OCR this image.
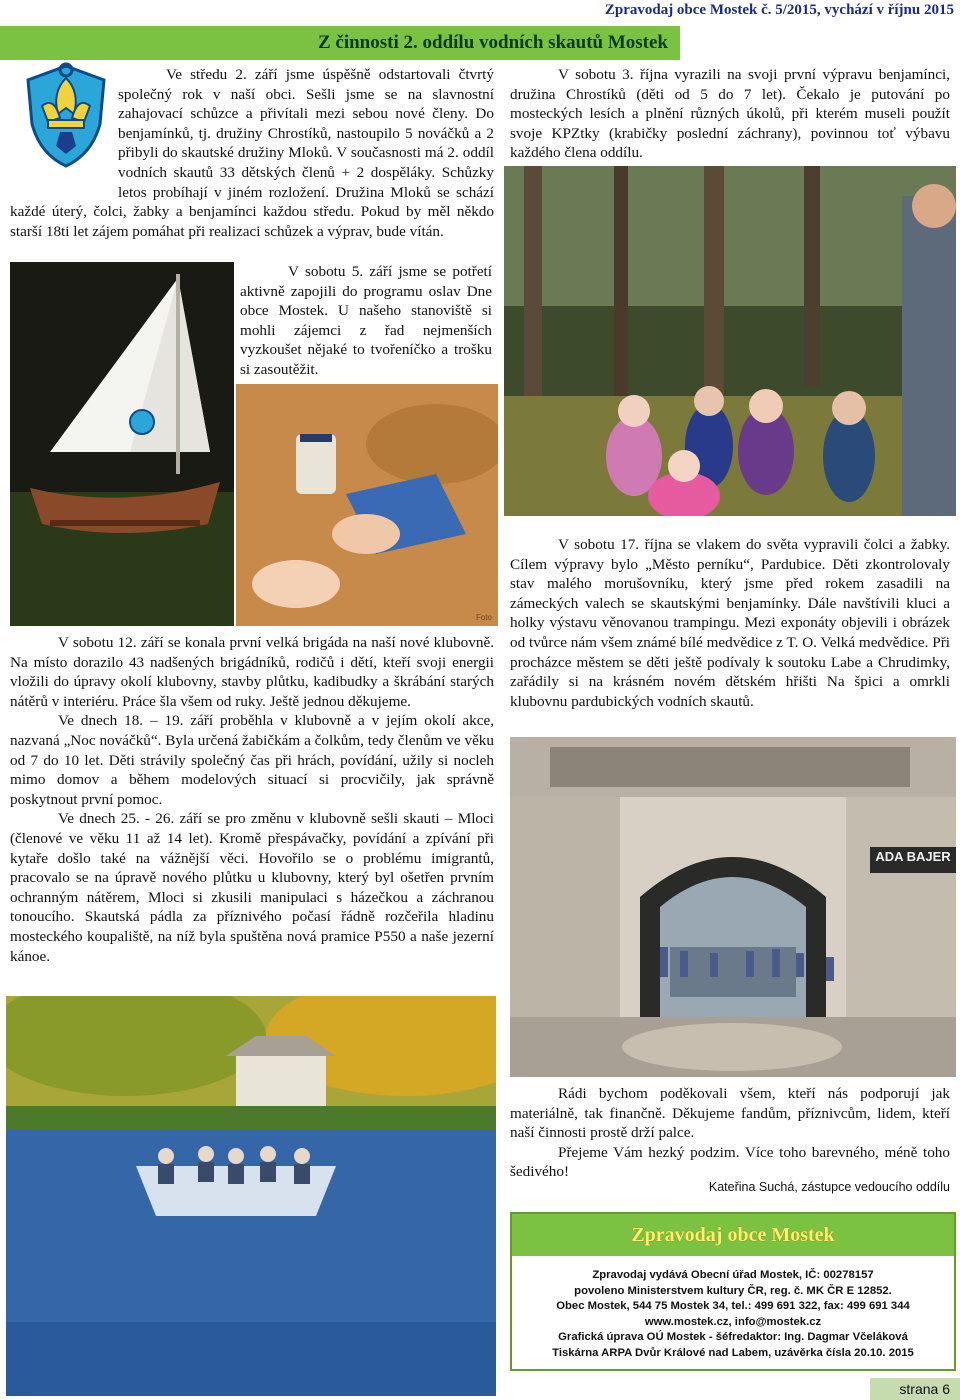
Zpravodaj obce Mostek č. 5/2015, vychází v říjnu 2015
Z činnosti 2. oddílu vodních skautů Mostek

Ve středu 2. září jsme úspěšně odstartovali čtvrtý společný rok v naší obci. Sešli jsme se na slavnostní zahajovací schůzce a přivítali mezi sebou nové členy. Do benjamínků, tj. družiny Chrostíků, nastoupilo 5 nováčků a 2 přibyli do skautské družiny Mloků. V současnosti má 2. oddíl vodních skautů 33 dětských členů + 2 dospěláky. Schůzky letos probíhají v jiném rozložení. Družina Mloků se schází každé úterý, čolci, žabky a benjamínci každou středu. Pokud by měl někdo starší 18ti let zájem pomáhat při realizaci schůzek a výprav, bude vítán.

V sobotu 3. října vyrazili na svoji první výpravu benjamínci, družina Chrostíků (děti od 5 do 7 let). Čekalo je putování po mosteckých lesích a plnění různých úkolů, při kterém museli použít svoje KPZtky (krabičky poslední záchrany), povinnou toť výbavu každého člena oddílu.

V sobotu 5. září jsme se potřetí aktivně zapojili do programu oslav Dne obce Mostek. U našeho stanoviště si mohli zájemci z řad nejmenších vyzkoušet nějaké to tvořeníčko a trošku si zasoutěžit.

Foto

V sobotu 17. října se vlakem do světa vypravili čolci a žabky. Cílem výpravy bylo „Město perníku“, Pardubice. Děti zkontrolovaly stav malého morušovníku, který jsme před rokem zasadili na zámeckých valech se skautskými benjamínky. Dále navštívili kluci a holky výstavu věnovanou trampingu. Mezi exponáty objevili i obrázek od tvůrce nám všem známé bílé medvědice z T. O. Velká medvědice. Při procházce městem se děti ještě podívaly k soutoku Labe a Chrudimky, zařádily si na krásném novém dětském hřišti Na špici a omrkli klubovnu pardubických vodních skautů.

V sobotu 12. září se konala první velká brigáda na naší nové klubovně. Na místo dorazilo 43 nadšených brigádníků, rodičů i dětí, kteří svoji energii vložili do úpravy okolí klubovny, stavby plůtku, kadibudky a škrábání starých nátěrů v interiéru. Práce šla všem od ruky. Ještě jednou děkujeme.

Ve dnech 18. – 19. září proběhla v klubovně a v jejím okolí akce, nazvaná „Noc nováčků“. Byla určená žabičkám a čolkům, tedy členům ve věku od 7 do 10 let. Děti strávily společný čas při hrách, povídání, užily si nocleh mimo domov a během modelových situací si procvičily, jak správně poskytnout první pomoc.

Ve dnech 25. - 26. září se pro změnu v klubovně sešli skauti – Mloci (členové ve věku 11 až 14 let). Kromě přespávačky, povídání a zpívání při kytaře došlo také na vážnější věci. Hovořilo se o problému imigrantů, pracovalo se na úpravě nového plůtku u klubovny, který byl ošetřen prvním ochranným nátěrem, Mloci si zkusili manipulaci s házečkou a záchranou tonoucího. Skautská pádla za příznivého počasí řádně rozčeřila hladinu mosteckého koupaliště, na níž byla spuštěna nová pramice P550 a naše jezerní kánoe.

ADA BAJER

Rádi bychom poděkovali všem, kteří nás podporují jak materiálně, tak finančně. Děkujeme fandům, příznivcům, lidem, kteří naší činnosti prostě drží palce.

Přejeme Vám hezký podzim. Více toho barevného, méně toho šedivého!

Kateřina Suchá, zástupce vedoucího oddílu
Zpravodaj obce Mostek
Zpravodaj vydává Obecní úřad Mostek, IČ: 00278157
povoleno Ministerstvem kultury ČR, reg. č. MK ČR E 12852.
Obec Mostek, 544 75 Mostek 34, tel.: 499 691 322, fax: 499 691 344
www.mostek.cz, info@mostek.cz
Grafická úprava OÚ Mostek - šéfredaktor: Ing. Dagmar Včeláková
Tiskárna ARPA Dvůr Králové nad Labem, uzávěrka čísla 20.10. 2015
strana 6
